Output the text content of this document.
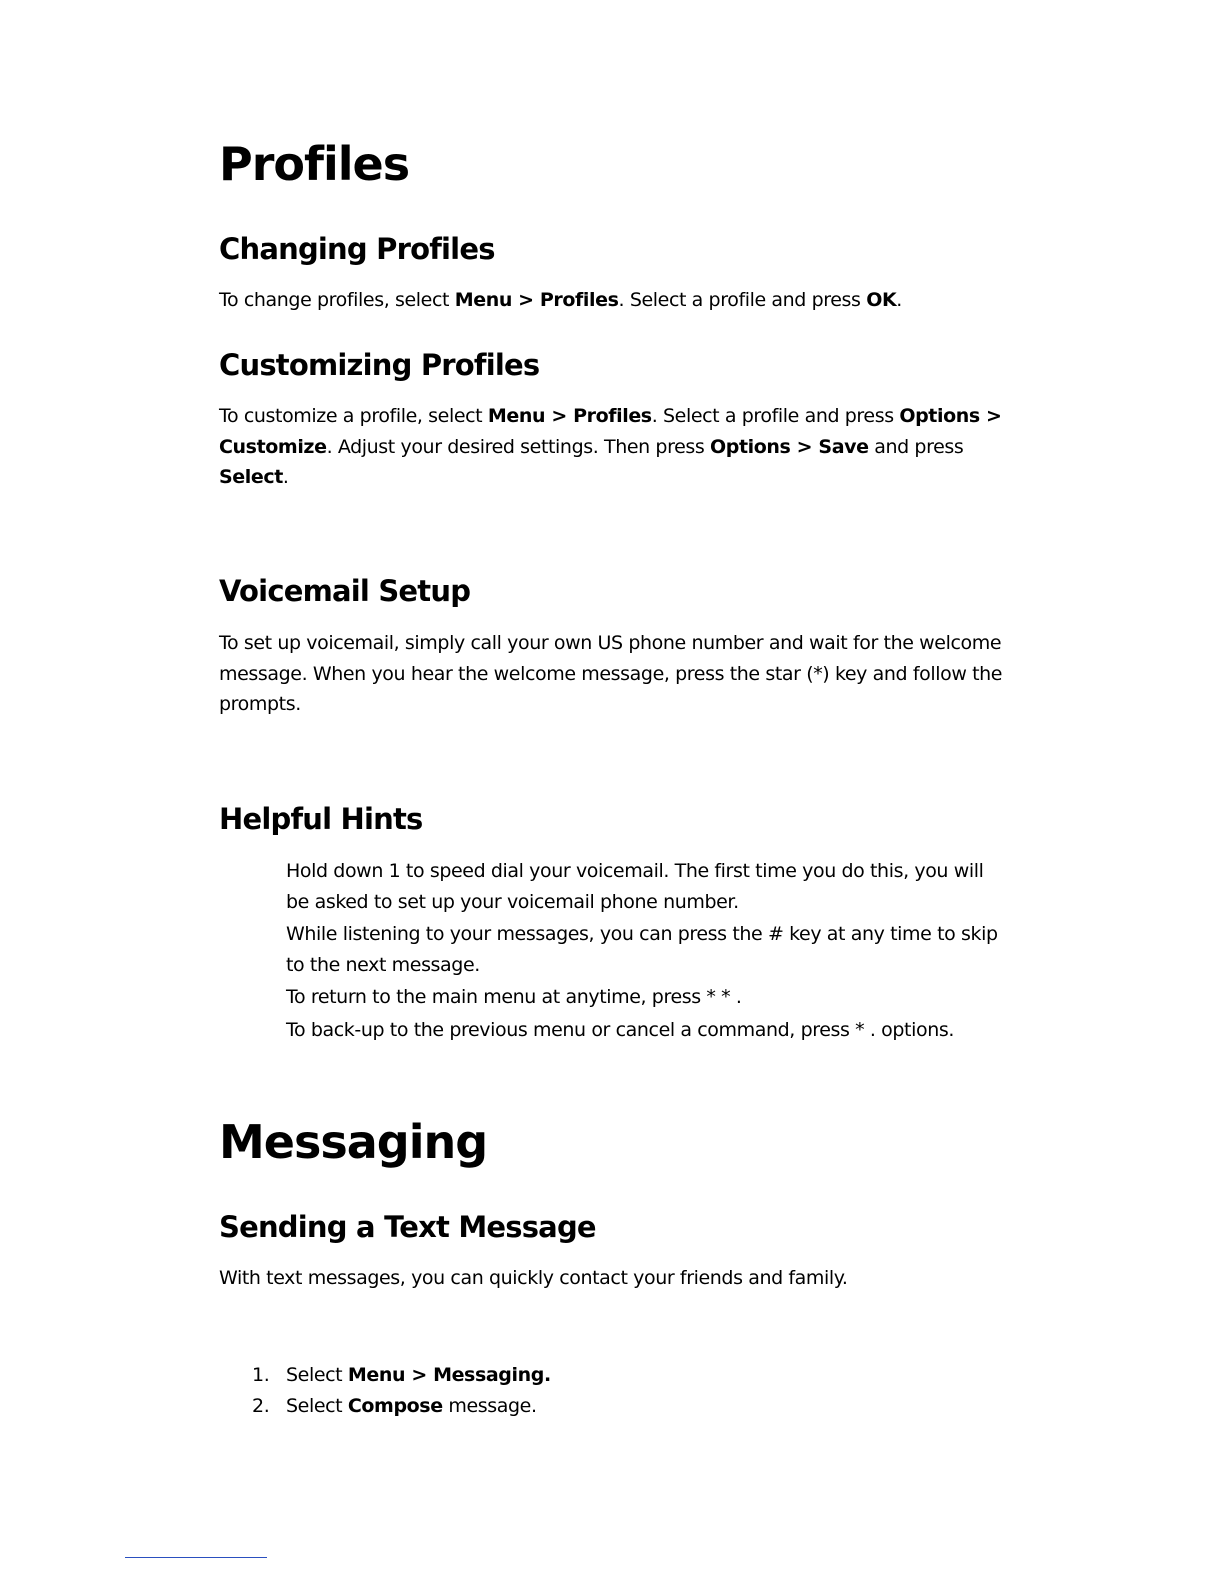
Profiles
Changing Profiles

To change profiles, select Menu > Profiles. Select a profile and press OK.

Customizing Profiles

To customize a profile, select Menu > Profiles. Select a profile and press Options > Customize. Adjust your desired settings. Then press Options > Save and press Select.

Voicemail Setup

To set up voicemail, simply call your own US phone number and wait for the welcome message. When you hear the welcome message, press the star (*) key and follow the prompts.

Helpful Hints

Hold down 1 to speed dial your voicemail. The first time you do this, you will be asked to set up your voicemail phone number.

While listening to your messages, you can press the # key at any time to skip to the next message.

To return to the main menu at anytime, press * * .

To back-up to the previous menu or cancel a command, press * . options.

Messaging
Sending a Text Message

With text messages, you can quickly contact your friends and family.

1. Select Menu > Messaging.
2. Select Compose message.
